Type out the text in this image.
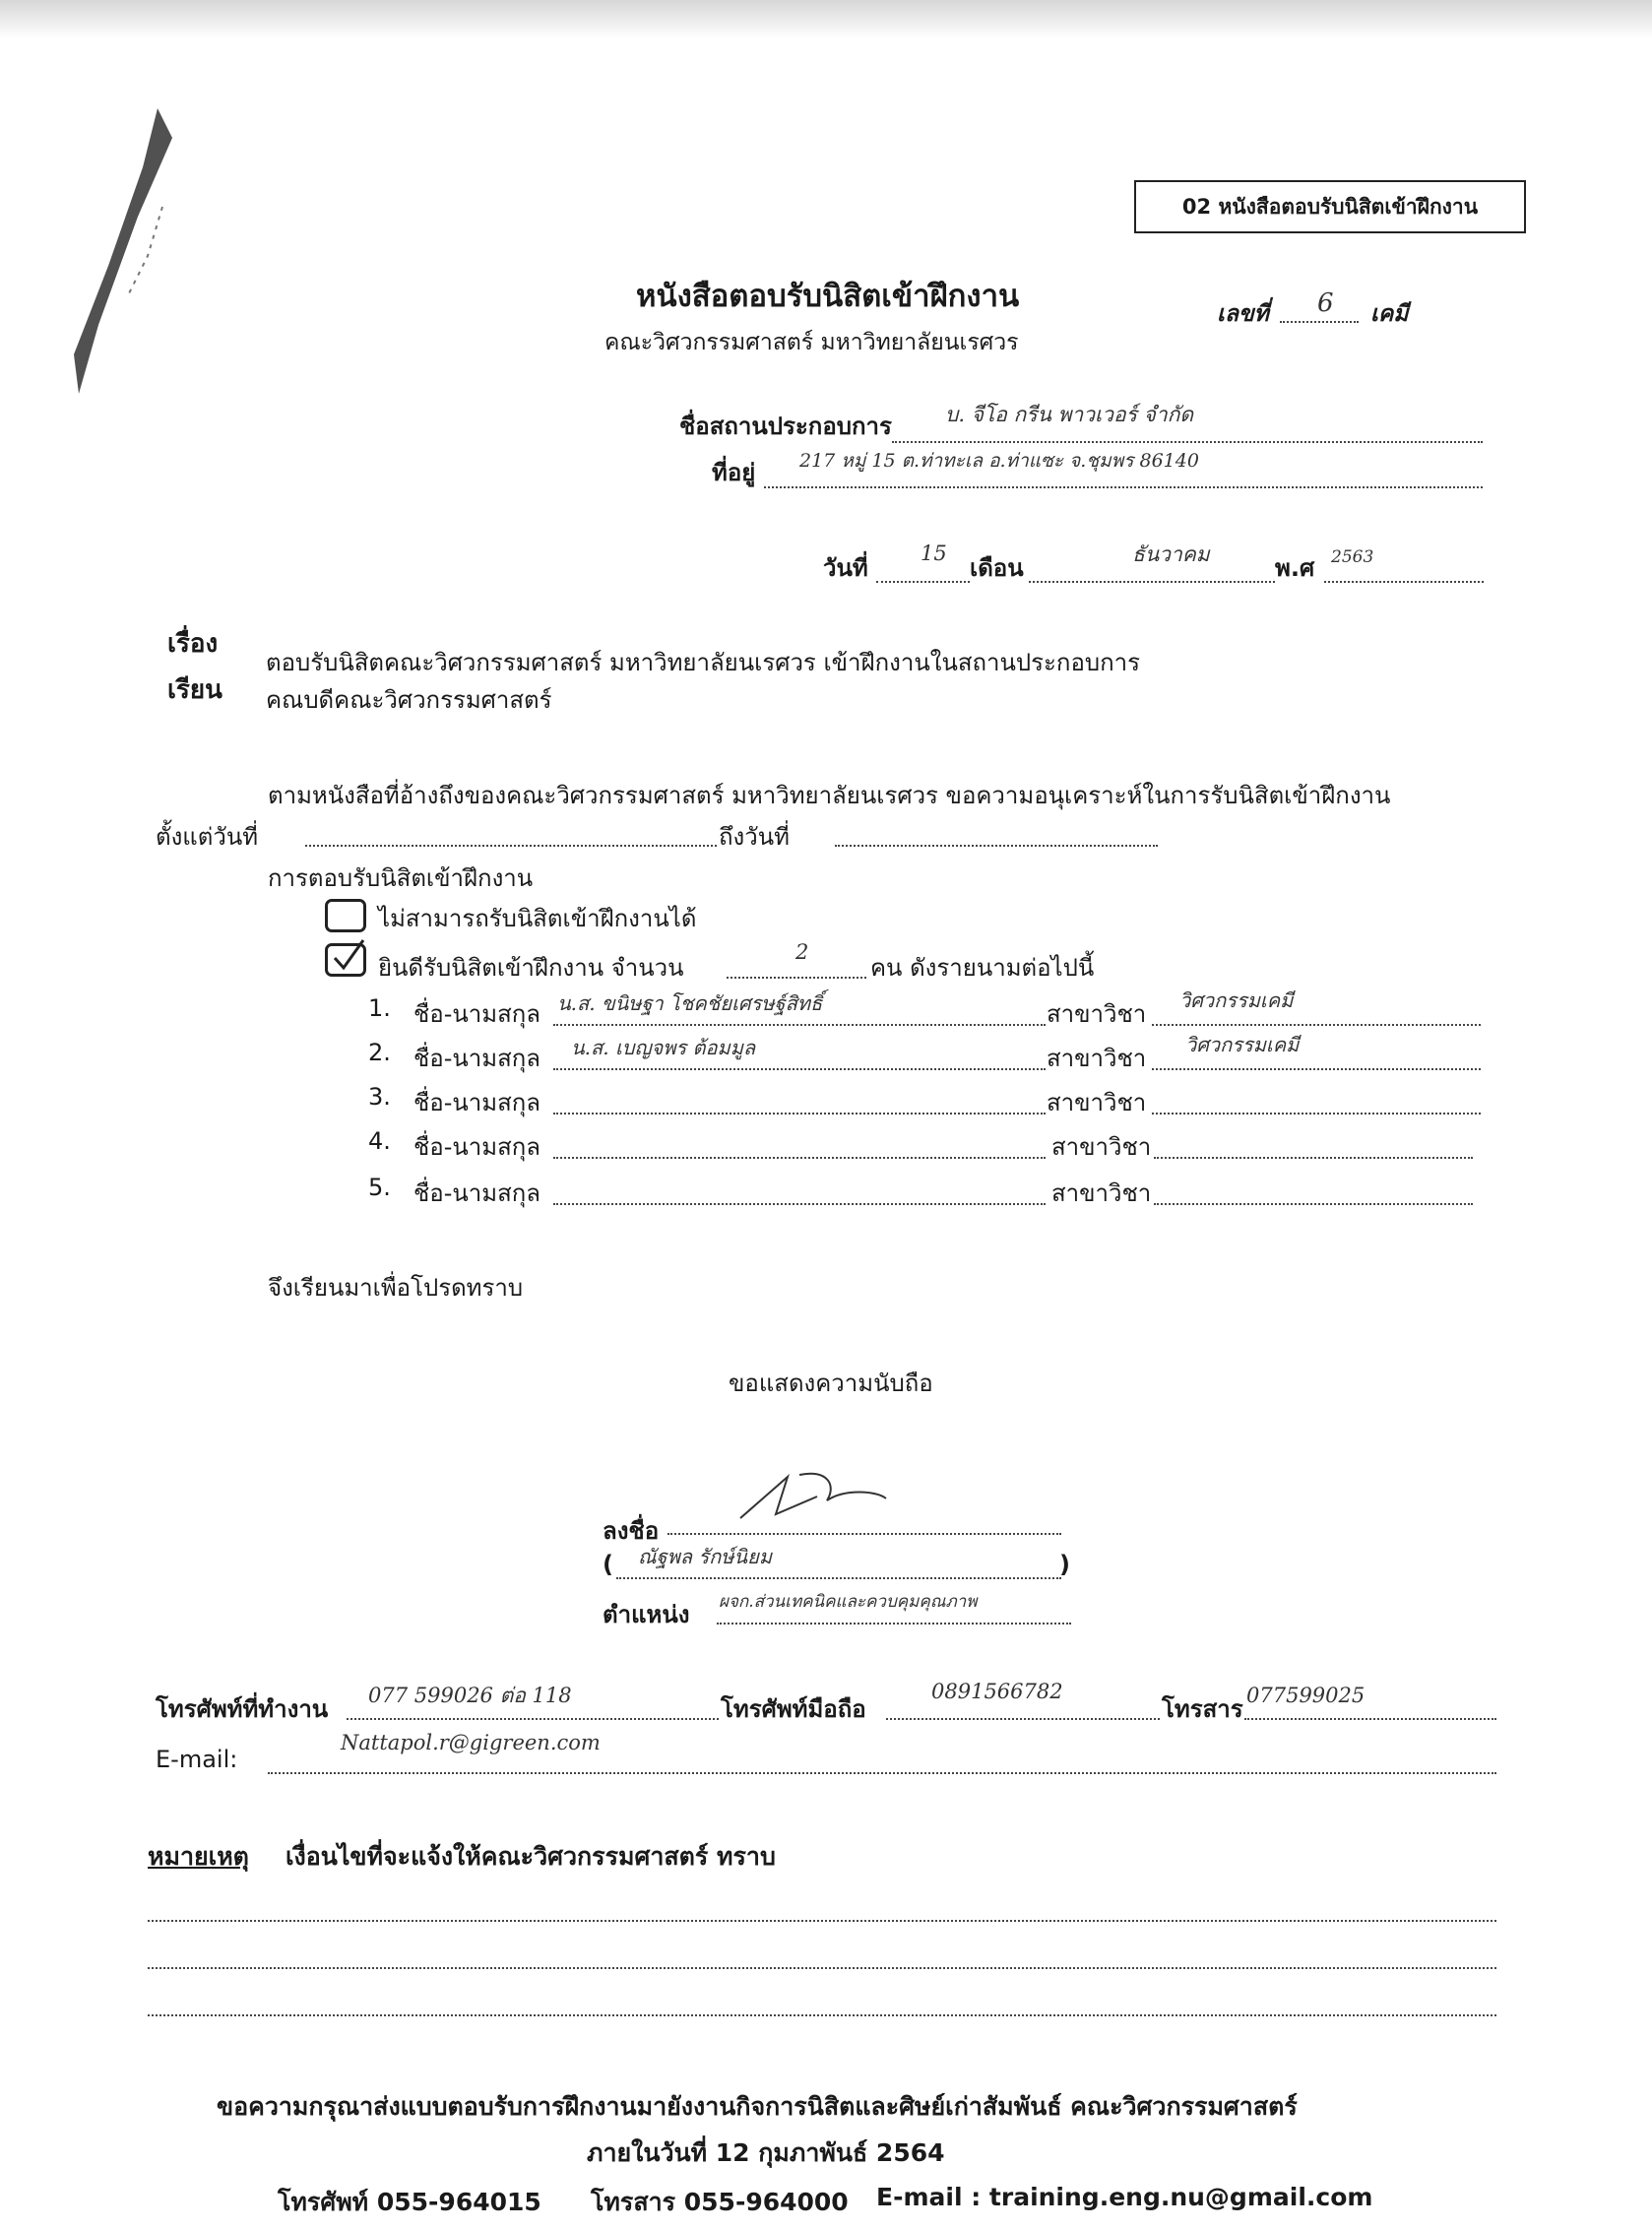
02 หนังสือตอบรับนิสิตเข้าฝึกงาน
หนังสือตอบรับนิสิตเข้าฝึกงาน
คณะวิศวกรรมศาสตร์ มหาวิทยาลัยนเรศวร
เลขที่ 6 เคมี
ชื่อสถานประกอบการ	บ. จีโอ กรีน พาวเวอร์ จำกัด
ที่อยู่ 217 หมู่ 15 ต.ท่าทะเล อ.ท่าแซะ จ.ชุมพร 86140
วันที่
15
เดือน	ธันวาคม	พ.ศ 2563
เรื่อง
ตอบรับนิสิตคณะวิศวกรรมศาสตร์ มหาวิทยาลัยนเรศวร เข้าฝึกงานในสถานประกอบการ
เรียน คณบดีคณะวิศวกรรมศาสตร์
ตามหนังสือที่อ้างถึงของคณะวิศวกรรมศาสตร์ มหาวิทยาลัยนเรศวร ขอความอนุเคราะห์ในการรับนิสิตเข้าฝึกงาน
ตั้งแต่วันที่	ถึงวันที่
การตอบรับนิสิตเข้าฝึกงาน
ไม่สามารถรับนิสิตเข้าฝึกงานได้
ยินดีรับนิสิตเข้าฝึกงาน จำนวน
2
คน ดังรายนามต่อไปนี้
1. ชื่อ-นามสกุล น.ส. ขนิษฐา โชคชัยเศรษฐ์สิทธิ์	สาขาวิชา วิศวกรรมเคมี
2. ชื่อ-นามสกุล น.ส. เบญจพร ต้อมมูล	สาขาวิชา วิศวกรรมเคมี
3. ชื่อ-นามสกุล	สาขาวิชา
4. ชื่อ-นามสกุล	สาขาวิชา
5. ชื่อ-นามสกุล	สาขาวิชา
จึงเรียนมาเพื่อโปรดทราบ
ขอแสดงความนับถือ
ลงชื่อ
( ณัฐพล รักษ์นิยม	)
ตำแหน่ง ผจก.ส่วนเทคนิคและควบคุมคุณภาพ
โทรศัพท์ที่ทำงาน 077 599026 ต่อ 118	โทรศัพท์มือถือ
0891566782
โทรสาร 077599025
E-mail:
Nattapol.r@gigreen.com
หมายเหตุ เงื่อนไขที่จะแจ้งให้คณะวิศวกรรมศาสตร์ ทราบ
ขอความกรุณาส่งแบบตอบรับการฝึกงานมายังงานกิจการนิสิตและศิษย์เก่าสัมพันธ์ คณะวิศวกรรมศาสตร์
ภายในวันที่ 12 กุมภาพันธ์ 2564
โทรศัพท์ 055-964015 โทรสาร 055-964000 E-mail : training.eng.nu@gmail.com
